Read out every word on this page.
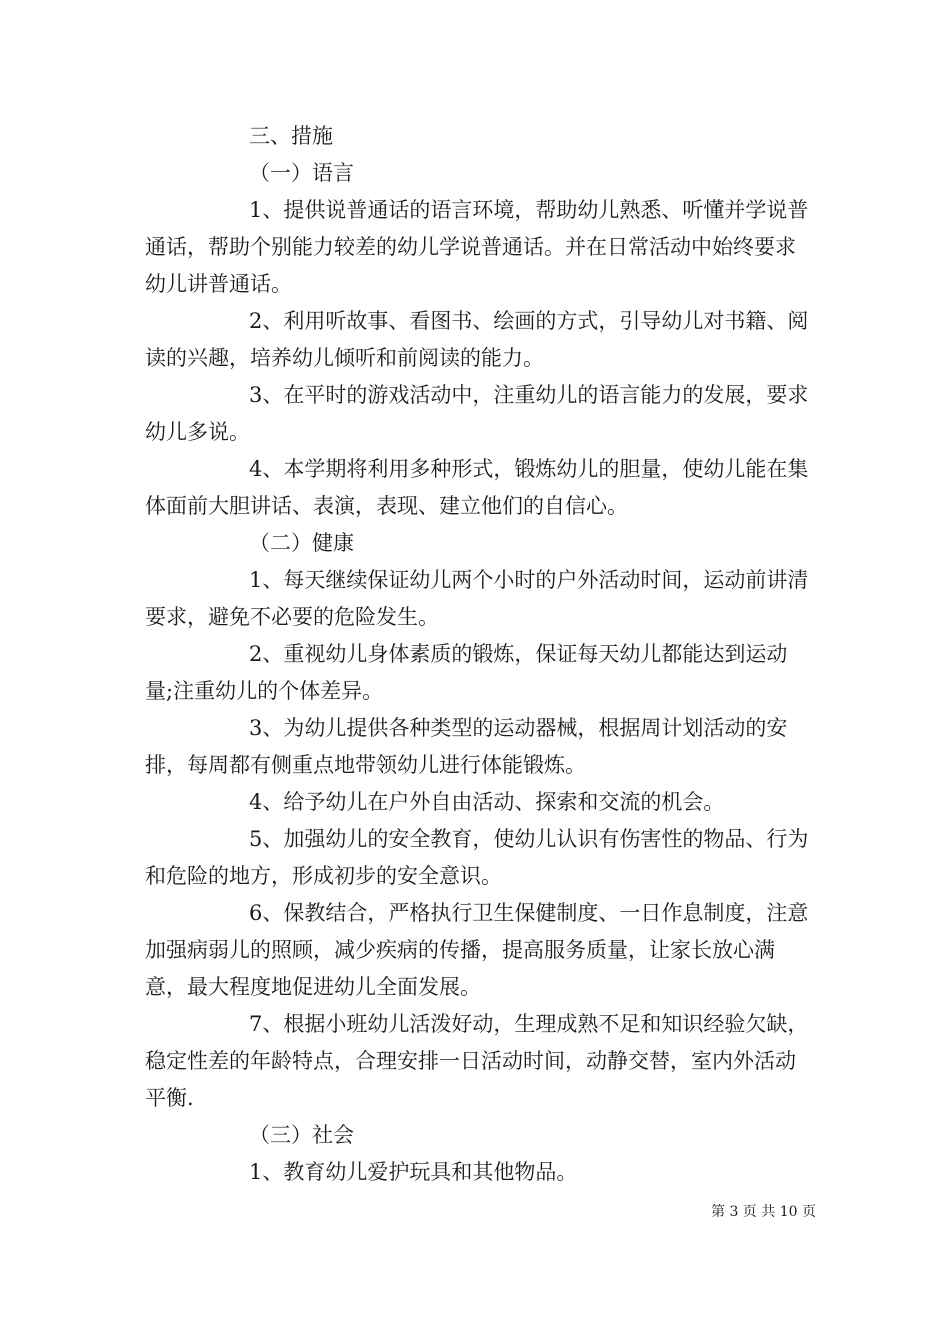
三、措施

（一）语言

1、提供说普通话的语言环境，帮助幼儿熟悉、听懂并学说普通话，帮助个别能力较差的幼儿学说普通话。并在日常活动中始终要求幼儿讲普通话。

2、利用听故事、看图书、绘画的方式，引导幼儿对书籍、阅读的兴趣，培养幼儿倾听和前阅读的能力。

3、在平时的游戏活动中，注重幼儿的语言能力的发展，要求幼儿多说。

4、本学期将利用多种形式，锻炼幼儿的胆量，使幼儿能在集体面前大胆讲话、表演，表现、建立他们的自信心。

（二）健康

1、每天继续保证幼儿两个小时的户外活动时间，运动前讲清要求，避免不必要的危险发生。

2、重视幼儿身体素质的锻炼，保证每天幼儿都能达到运动量;注重幼儿的个体差异。

3、为幼儿提供各种类型的运动器械，根据周计划活动的安排，每周都有侧重点地带领幼儿进行体能锻炼。

4、给予幼儿在户外自由活动、探索和交流的机会。

5、加强幼儿的安全教育，使幼儿认识有伤害性的物品、行为和危险的地方，形成初步的安全意识。

6、保教结合，严格执行卫生保健制度、一日作息制度，注意加强病弱儿的照顾，减少疾病的传播，提高服务质量，让家长放心满意，最大程度地促进幼儿全面发展。

7、根据小班幼儿活泼好动，生理成熟不足和知识经验欠缺，稳定性差的年龄特点，合理安排一日活动时间，动静交替，室内外活动平衡.

（三）社会

1、教育幼儿爱护玩具和其他物品。

第 3 页 共 10 页
